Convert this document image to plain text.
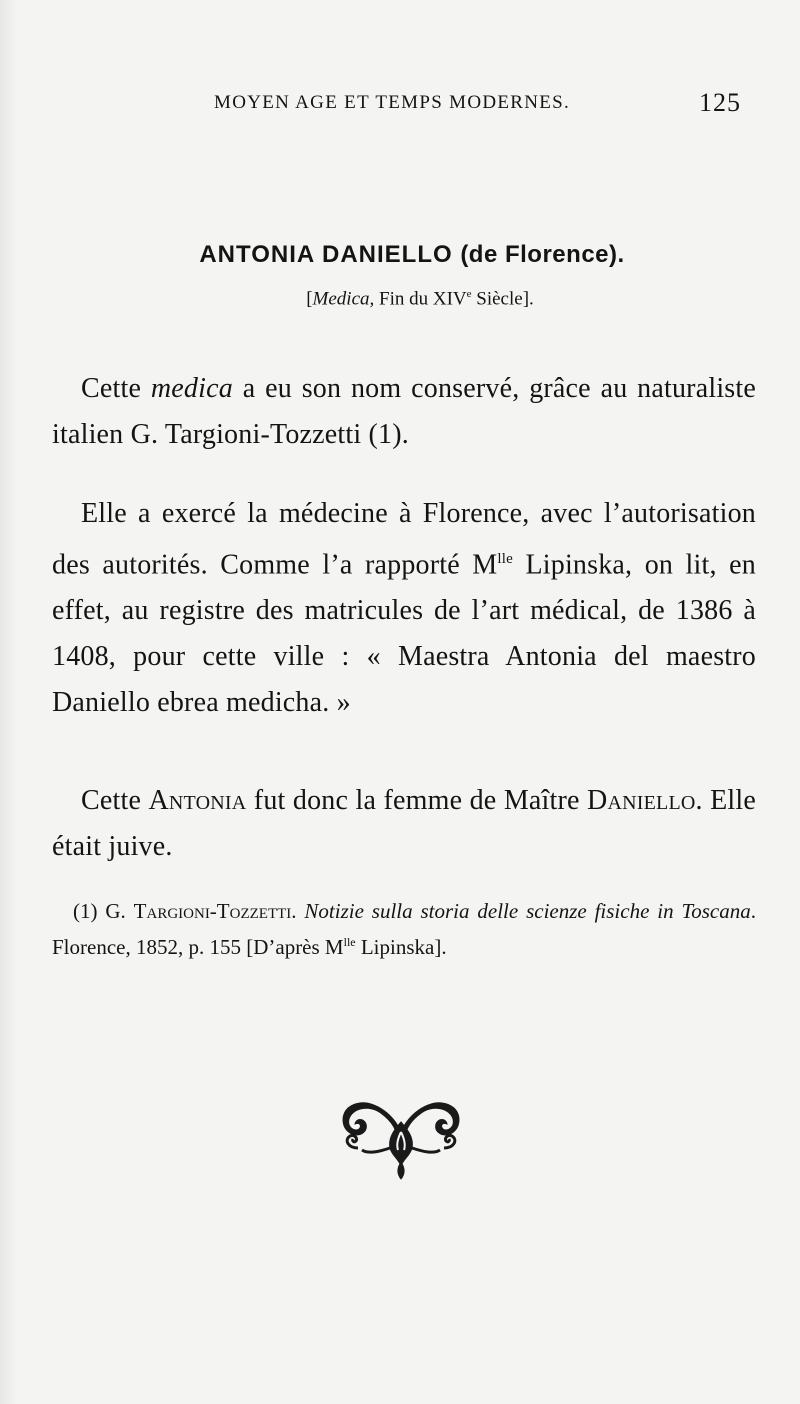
MOYEN AGE ET TEMPS MODERNES.	125
ANTONIA DANIELLO (de Florence).
[Medica, Fin du XIVe Siècle].

Cette medica a eu son nom conservé, grâce au naturaliste italien G. Targioni-Tozzetti (1).

Elle a exercé la médecine à Florence, avec l’autorisation des autorités. Comme l’a rapporté $M^{lle}$ Lipinska, on lit, en effet, au registre des matricules de l’art médical, de 1386 à 1408, pour cette ville : « Maestra Antonia del maestro Daniello ebrea medicha. »

Cette Antonia fut donc la femme de Maître Daniello. Elle était juive.

(1) G. Targioni-Tozzetti. Notizie sulla storia delle scienze fisiche in Toscana. Florence, 1852, p. 155 [D’après $M^{lle}$ Lipinska].
